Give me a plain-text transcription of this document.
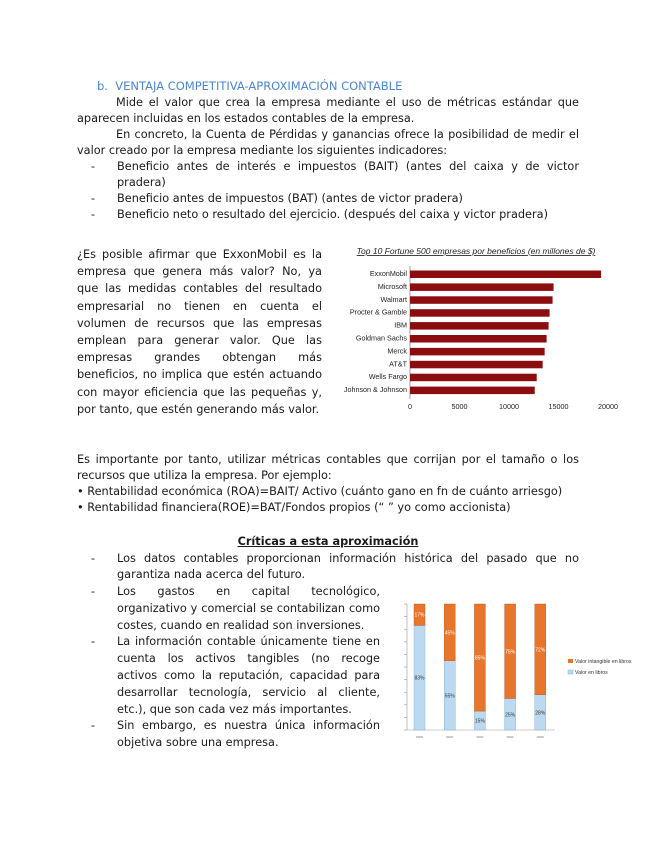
b.  VENTAJA COMPETITIVA-APROXIMACIÓN CONTABLE
Mide el valor que crea la empresa mediante el uso de métricas estándar que aparecen incluidas en los estados contables de la empresa.
En concreto, la Cuenta de Pérdidas y ganancias ofrece la posibilidad de medir el valor creado por la empresa mediante los siguientes indicadores:
- Beneficio antes de interés e impuestos (BAIT) (antes del caixa y de victor pradera)
- Beneficio antes de impuestos (BAT) (antes de victor pradera)
- Beneficio neto o resultado del ejercicio. (después del caixa y victor pradera)
¿Es posible afirmar que ExxonMobil es la empresa que genera más valor? No, ya que las medidas contables del resultado empresarial no tienen en cuenta el volumen de recursos que las empresas emplean para generar valor. Que las empresas grandes obtengan más beneficios, no implica que estén actuando con mayor eficiencia que las pequeñas y, por tanto, que estén generando más valor.
Top 10 Fortune 500 empresas por beneficios (en millones de $)
ExxonMobil
Microsoft
Walmart
Procter & Gamble
IBM
Goldman Sachs
Merck
AT&T
Wells Fargo
Johnson & Johnson
0	5000	10000	15000	20000
Es importante por tanto, utilizar métricas contables que corrijan por el tamaño o los recursos que utiliza la empresa. Por ejemplo:
• Rentabilidad económica (ROA)=BAIT/ Activo (cuánto gano en fn de cuánto arriesgo)
• Rentabilidad financiera(ROE)=BAT/Fondos propios (“ ” yo como accionista)
Críticas a esta aproximación
- Los datos contables proporcionan información histórica del pasado que no garantiza nada acerca del futuro.
- Los gastos en capital tecnológico, organizativo y comercial se contabilizan como costes, cuando en realidad son inversiones.
- La información contable únicamente tiene en cuenta los activos tangibles (no recoge activos como la reputación, capacidad para desarrollar tecnología, servicio al cliente, etc.), que son cada vez más importantes.
- Sin embargo, es nuestra única información objetiva sobre una empresa.
17%
83%
45%
55%
85%
15%
75%
25%
72%
28%
Valor intangible en libros
Valor en libros
